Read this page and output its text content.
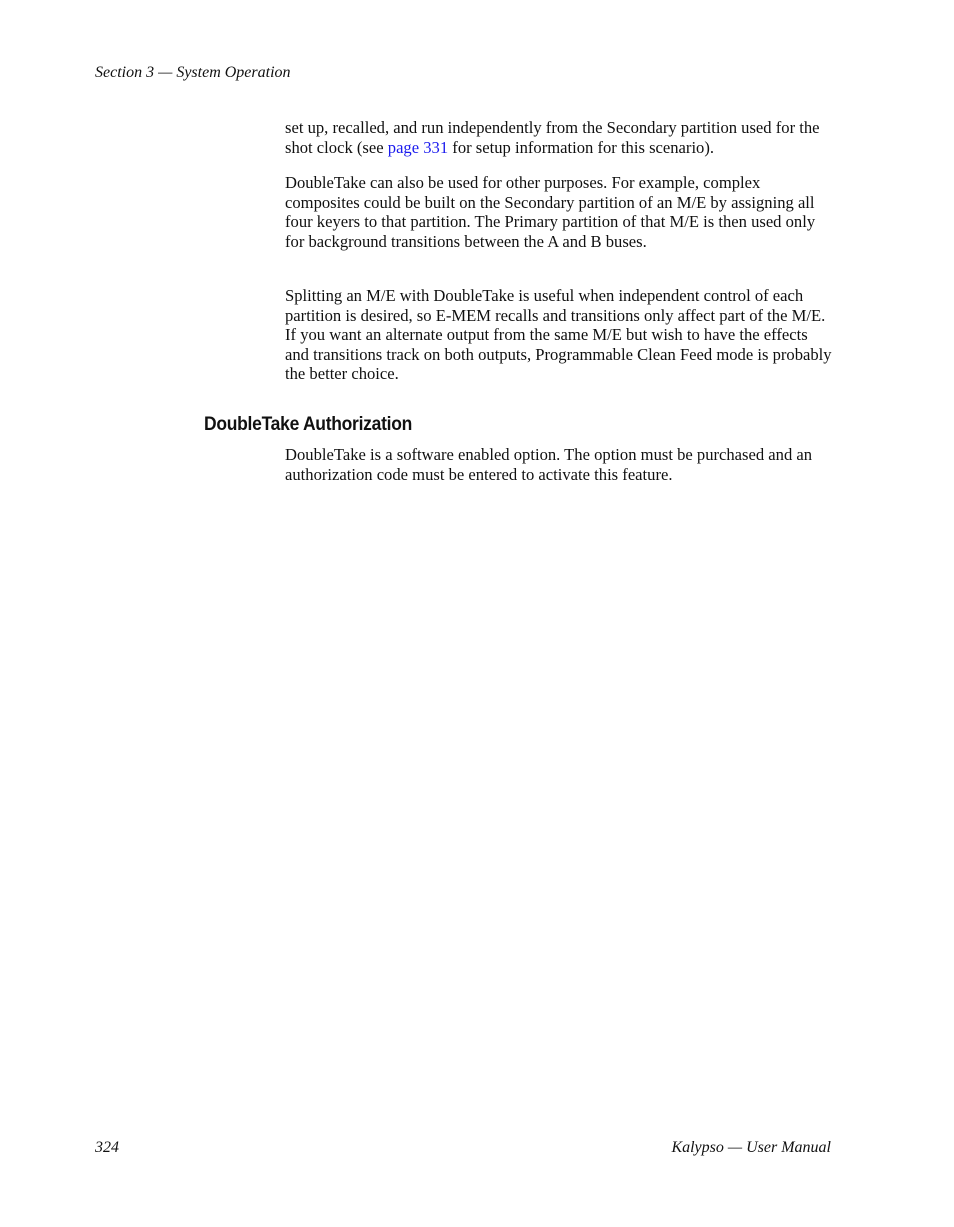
Section 3 — System Operation

set up, recalled, and run independently from the Secondary partition used for the shot clock (see page 331 for setup information for this scenario).

DoubleTake can also be used for other purposes. For example, complex composites could be built on the Secondary partition of an M/E by assigning all four keyers to that partition. The Primary partition of that M/E is then used only for background transitions between the A and B buses.

Splitting an M/E with DoubleTake is useful when independent control of each partition is desired, so E-MEM recalls and transitions only affect part of the M/E. If you want an alternate output from the same M/E but wish to have the effects and transitions track on both outputs, Programmable Clean Feed mode is probably the better choice.

DoubleTake Authorization

DoubleTake is a software enabled option. The option must be purchased and an authorization code must be entered to activate this feature.

324	Kalypso — User Manual
